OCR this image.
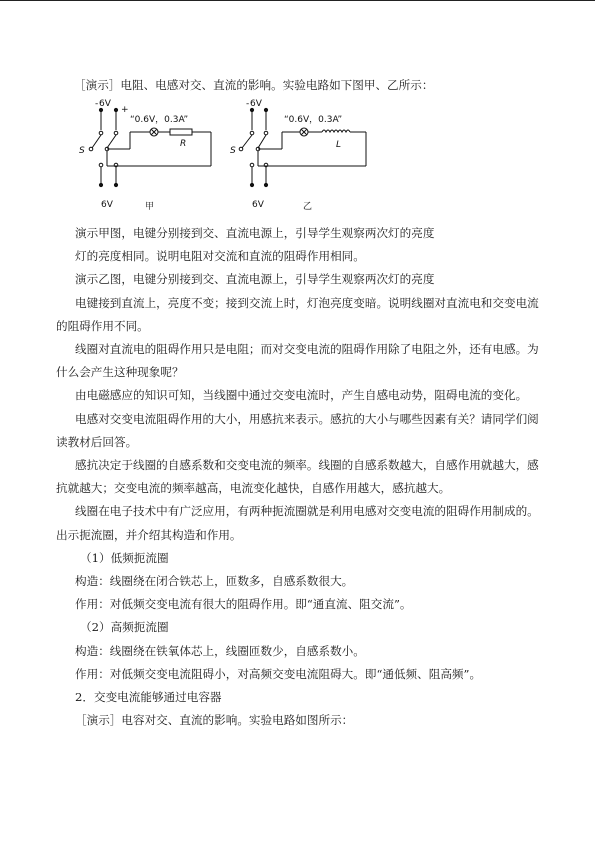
［演示］电阻、电感对交、直流的影响。实验电路如下图甲、乙所示：
- 6V
+
“0.6V，0.3A”
R
S
6V	甲
- 6V
“0.6V，0.3A”
L
S
6V	乙

演示甲图，电键分别接到交、直流电源上，引导学生观察两次灯的亮度

灯的亮度相同。说明电阻对交流和直流的阻碍作用相同。

演示乙图，电键分别接到交、直流电源上，引导学生观察两次灯的亮度

电键接到直流上，亮度不变；接到交流上时，灯泡亮度变暗。说明线圈对直流电和交变电流的阻碍作用不同。

线圈对直流电的阻碍作用只是电阻；而对交变电流的阻碍作用除了电阻之外，还有电感。为什么会产生这种现象呢？

由电磁感应的知识可知，当线圈中通过交变电流时，产生自感电动势，阻碍电流的变化。

电感对交变电流阻碍作用的大小，用感抗来表示。感抗的大小与哪些因素有关？请同学们阅读教材后回答。

感抗决定于线圈的自感系数和交变电流的频率。线圈的自感系数越大，自感作用就越大，感抗就越大；交变电流的频率越高，电流变化越快，自感作用越大，感抗越大。

线圈在电子技术中有广泛应用，有两种扼流圈就是利用电感对交变电流的阻碍作用制成的。出示扼流圈，并介绍其构造和作用。

（1）低频扼流圈

构造：线圈绕在闭合铁芯上，匝数多，自感系数很大。

作用：对低频交变电流有很大的阻碍作用。即“通直流、阻交流”。

（2）高频扼流圈

构造：线圈绕在铁氧体芯上，线圈匝数少，自感系数小。

作用：对低频交变电流阻碍小，对高频交变电流阻碍大。即“通低频、阻高频”。

2．交变电流能够通过电容器

［演示］电容对交、直流的影响。实验电路如图所示：
